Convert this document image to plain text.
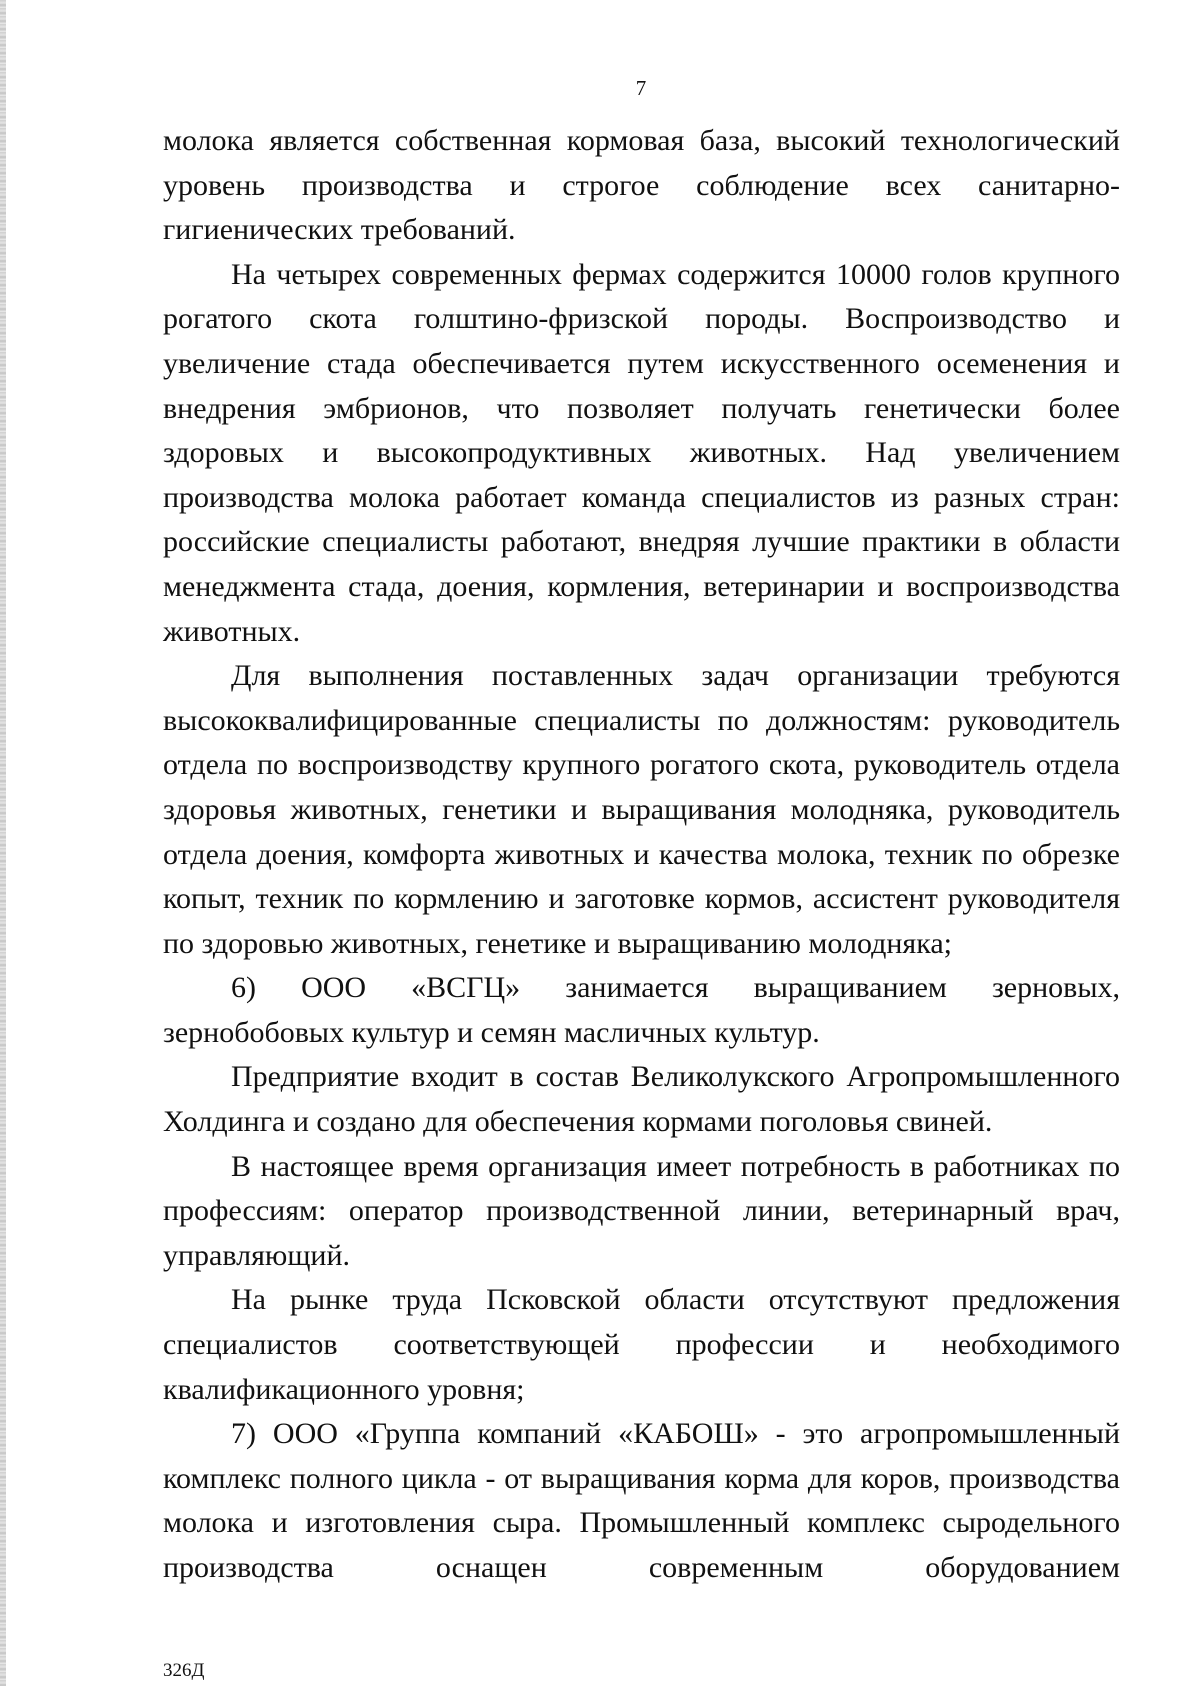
7

молока является собственная кормовая база, высокий технологический уровень производства и строгое соблюдение всех санитарно-гигиенических требований.

На четырех современных фермах содержится 10000 голов крупного рогатого скота голштино-фризской породы. Воспроизводство и увеличение стада обеспечивается путем искусственного осеменения и внедрения эмбрионов, что позволяет получать генетически более здоровых и высокопродуктивных животных. Над увеличением производства молока работает команда специалистов из разных стран: российские специалисты работают, внедряя лучшие практики в области менеджмента стада, доения, кормления, ветеринарии и воспроизводства животных.

Для выполнения поставленных задач организации требуются высококвалифицированные специалисты по должностям: руководитель отдела по воспроизводству крупного рогатого скота, руководитель отдела здоровья животных, генетики и выращивания молодняка, руководитель отдела доения, комфорта животных и качества молока, техник по обрезке копыт, техник по кормлению и заготовке кормов, ассистент руководителя по здоровью животных, генетике и выращиванию молодняка;

6) ООО «ВСГЦ» занимается выращиванием зерновых, зернобобовых культур и семян масличных культур.

Предприятие входит в состав Великолукского Агропромышленного Холдинга и создано для обеспечения кормами поголовья свиней.

В настоящее время организация имеет потребность в работниках по профессиям: оператор производственной линии, ветеринарный врач, управляющий.

На рынке труда Псковской области отсутствуют предложения специалистов соответствующей профессии и необходимого квалификационного уровня;

7) ООО «Группа компаний «КАБОШ» - это агропромышленный комплекс полного цикла - от выращивания корма для коров, производства молока и изготовления сыра. Промышленный комплекс сыродельного производства оснащен современным оборудованием

326Д
